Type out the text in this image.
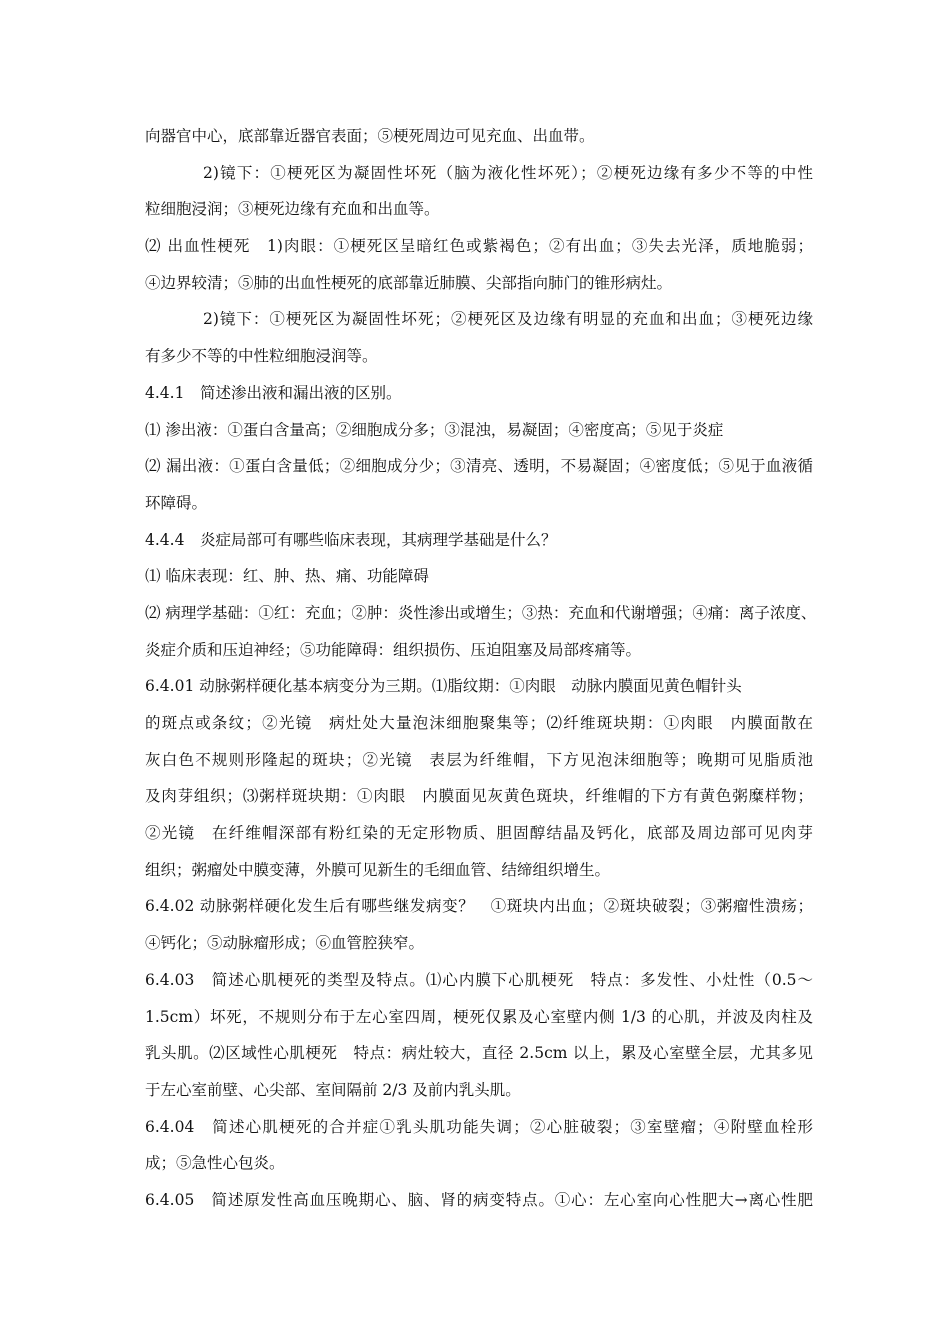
向器官中心，底部靠近器官表面；⑤梗死周边可见充血、出血带。
2)镜下：①梗死区为凝固性坏死（脑为液化性坏死）；②梗死边缘有多少不等的中性
粒细胞浸润；③梗死边缘有充血和出血等。
⑵ 出血性梗死　1)肉眼：①梗死区呈暗红色或紫褐色；②有出血；③失去光泽，质地脆弱；
④边界较清；⑤肺的出血性梗死的底部靠近肺膜、尖部指向肺门的锥形病灶。
2)镜下：①梗死区为凝固性坏死；②梗死区及边缘有明显的充血和出血；③梗死边缘
有多少不等的中性粒细胞浸润等。
4.4.1　简述渗出液和漏出液的区别。
⑴ 渗出液：①蛋白含量高；②细胞成分多；③混浊，易凝固；④密度高；⑤见于炎症
⑵ 漏出液：①蛋白含量低；②细胞成分少；③清亮、透明，不易凝固；④密度低；⑤见于血液循
环障碍。
4.4.4　炎症局部可有哪些临床表现，其病理学基础是什么？
⑴ 临床表现：红、肿、热、痛、功能障碍
⑵ 病理学基础：①红：充血；②肿：炎性渗出或增生；③热：充血和代谢增强；④痛：离子浓度、
炎症介质和压迫神经；⑤功能障碍：组织损伤、压迫阻塞及局部疼痛等。
6.4.01 动脉粥样硬化基本病变分为三期。⑴脂纹期：①肉眼　动脉内膜面见黄色帽针头
的斑点或条纹；②光镜　病灶处大量泡沫细胞聚集等；⑵纤维斑块期：①肉眼　内膜面散在
灰白色不规则形隆起的斑块；②光镜　表层为纤维帽，下方见泡沫细胞等；晚期可见脂质池
及肉芽组织；⑶粥样斑块期：①肉眼　内膜面见灰黄色斑块，纤维帽的下方有黄色粥糜样物；
②光镜　在纤维帽深部有粉红染的无定形物质、胆固醇结晶及钙化，底部及周边部可见肉芽
组织；粥瘤处中膜变薄，外膜可见新生的毛细血管、结缔组织增生。
6.4.02 动脉粥样硬化发生后有哪些继发病变？　①斑块内出血；②斑块破裂；③粥瘤性溃疡；
④钙化；⑤动脉瘤形成；⑥血管腔狭窄。
6.4.03　简述心肌梗死的类型及特点。⑴心内膜下心肌梗死　特点：多发性、小灶性（0.5～
1.5cm）坏死，不规则分布于左心室四周，梗死仅累及心室壁内侧 1/3 的心肌，并波及肉柱及
乳头肌。⑵区域性心肌梗死　特点：病灶较大，直径 2.5cm 以上，累及心室壁全层，尤其多见
于左心室前壁、心尖部、室间隔前 2/3 及前内乳头肌。
6.4.04　简述心肌梗死的合并症①乳头肌功能失调；②心脏破裂；③室壁瘤；④附壁血栓形
成；⑤急性心包炎。
6.4.05　简述原发性高血压晚期心、脑、肾的病变特点。①心：左心室向心性肥大→离心性肥
